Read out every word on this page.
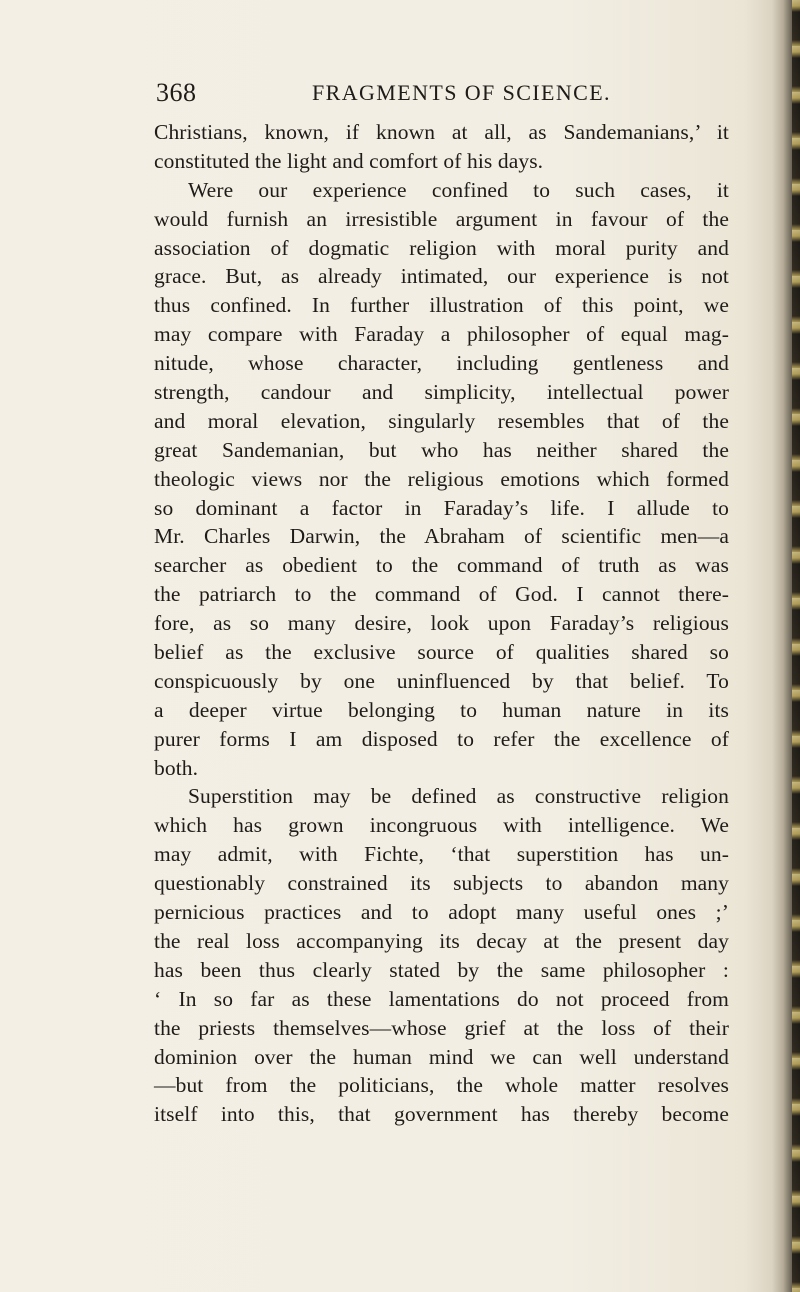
368	FRAGMENTS OF SCIENCE.
Christians, known, if known at all, as Sandemanians,’ it
constituted the light and comfort of his days.
Were our experience confined to such cases, it
would furnish an irresistible argument in favour of the
association of dogmatic religion with moral purity and
grace. But, as already intimated, our experience is not
thus confined. In further illustration of this point, we
may compare with Faraday a philosopher of equal mag-
nitude, whose character, including gentleness and
strength, candour and simplicity, intellectual power
and moral elevation, singularly resembles that of the
great Sandemanian, but who has neither shared the
theologic views nor the religious emotions which formed
so dominant a factor in Faraday’s life. I allude to
Mr. Charles Darwin, the Abraham of scientific men—a
searcher as obedient to the command of truth as was
the patriarch to the command of God. I cannot there-
fore, as so many desire, look upon Faraday’s religious
belief as the exclusive source of qualities shared so
conspicuously by one uninfluenced by that belief. To
a deeper virtue belonging to human nature in its
purer forms I am disposed to refer the excellence of
both.
Superstition may be defined as constructive religion
which has grown incongruous with intelligence. We
may admit, with Fichte, ‘that superstition has un-
questionably constrained its subjects to abandon many
pernicious practices and to adopt many useful ones ;’
the real loss accompanying its decay at the present day
has been thus clearly stated by the same philosopher :
‘ In so far as these lamentations do not proceed from
the priests themselves—whose grief at the loss of their
dominion over the human mind we can well understand
—but from the politicians, the whole matter resolves
itself into this, that government has thereby become
